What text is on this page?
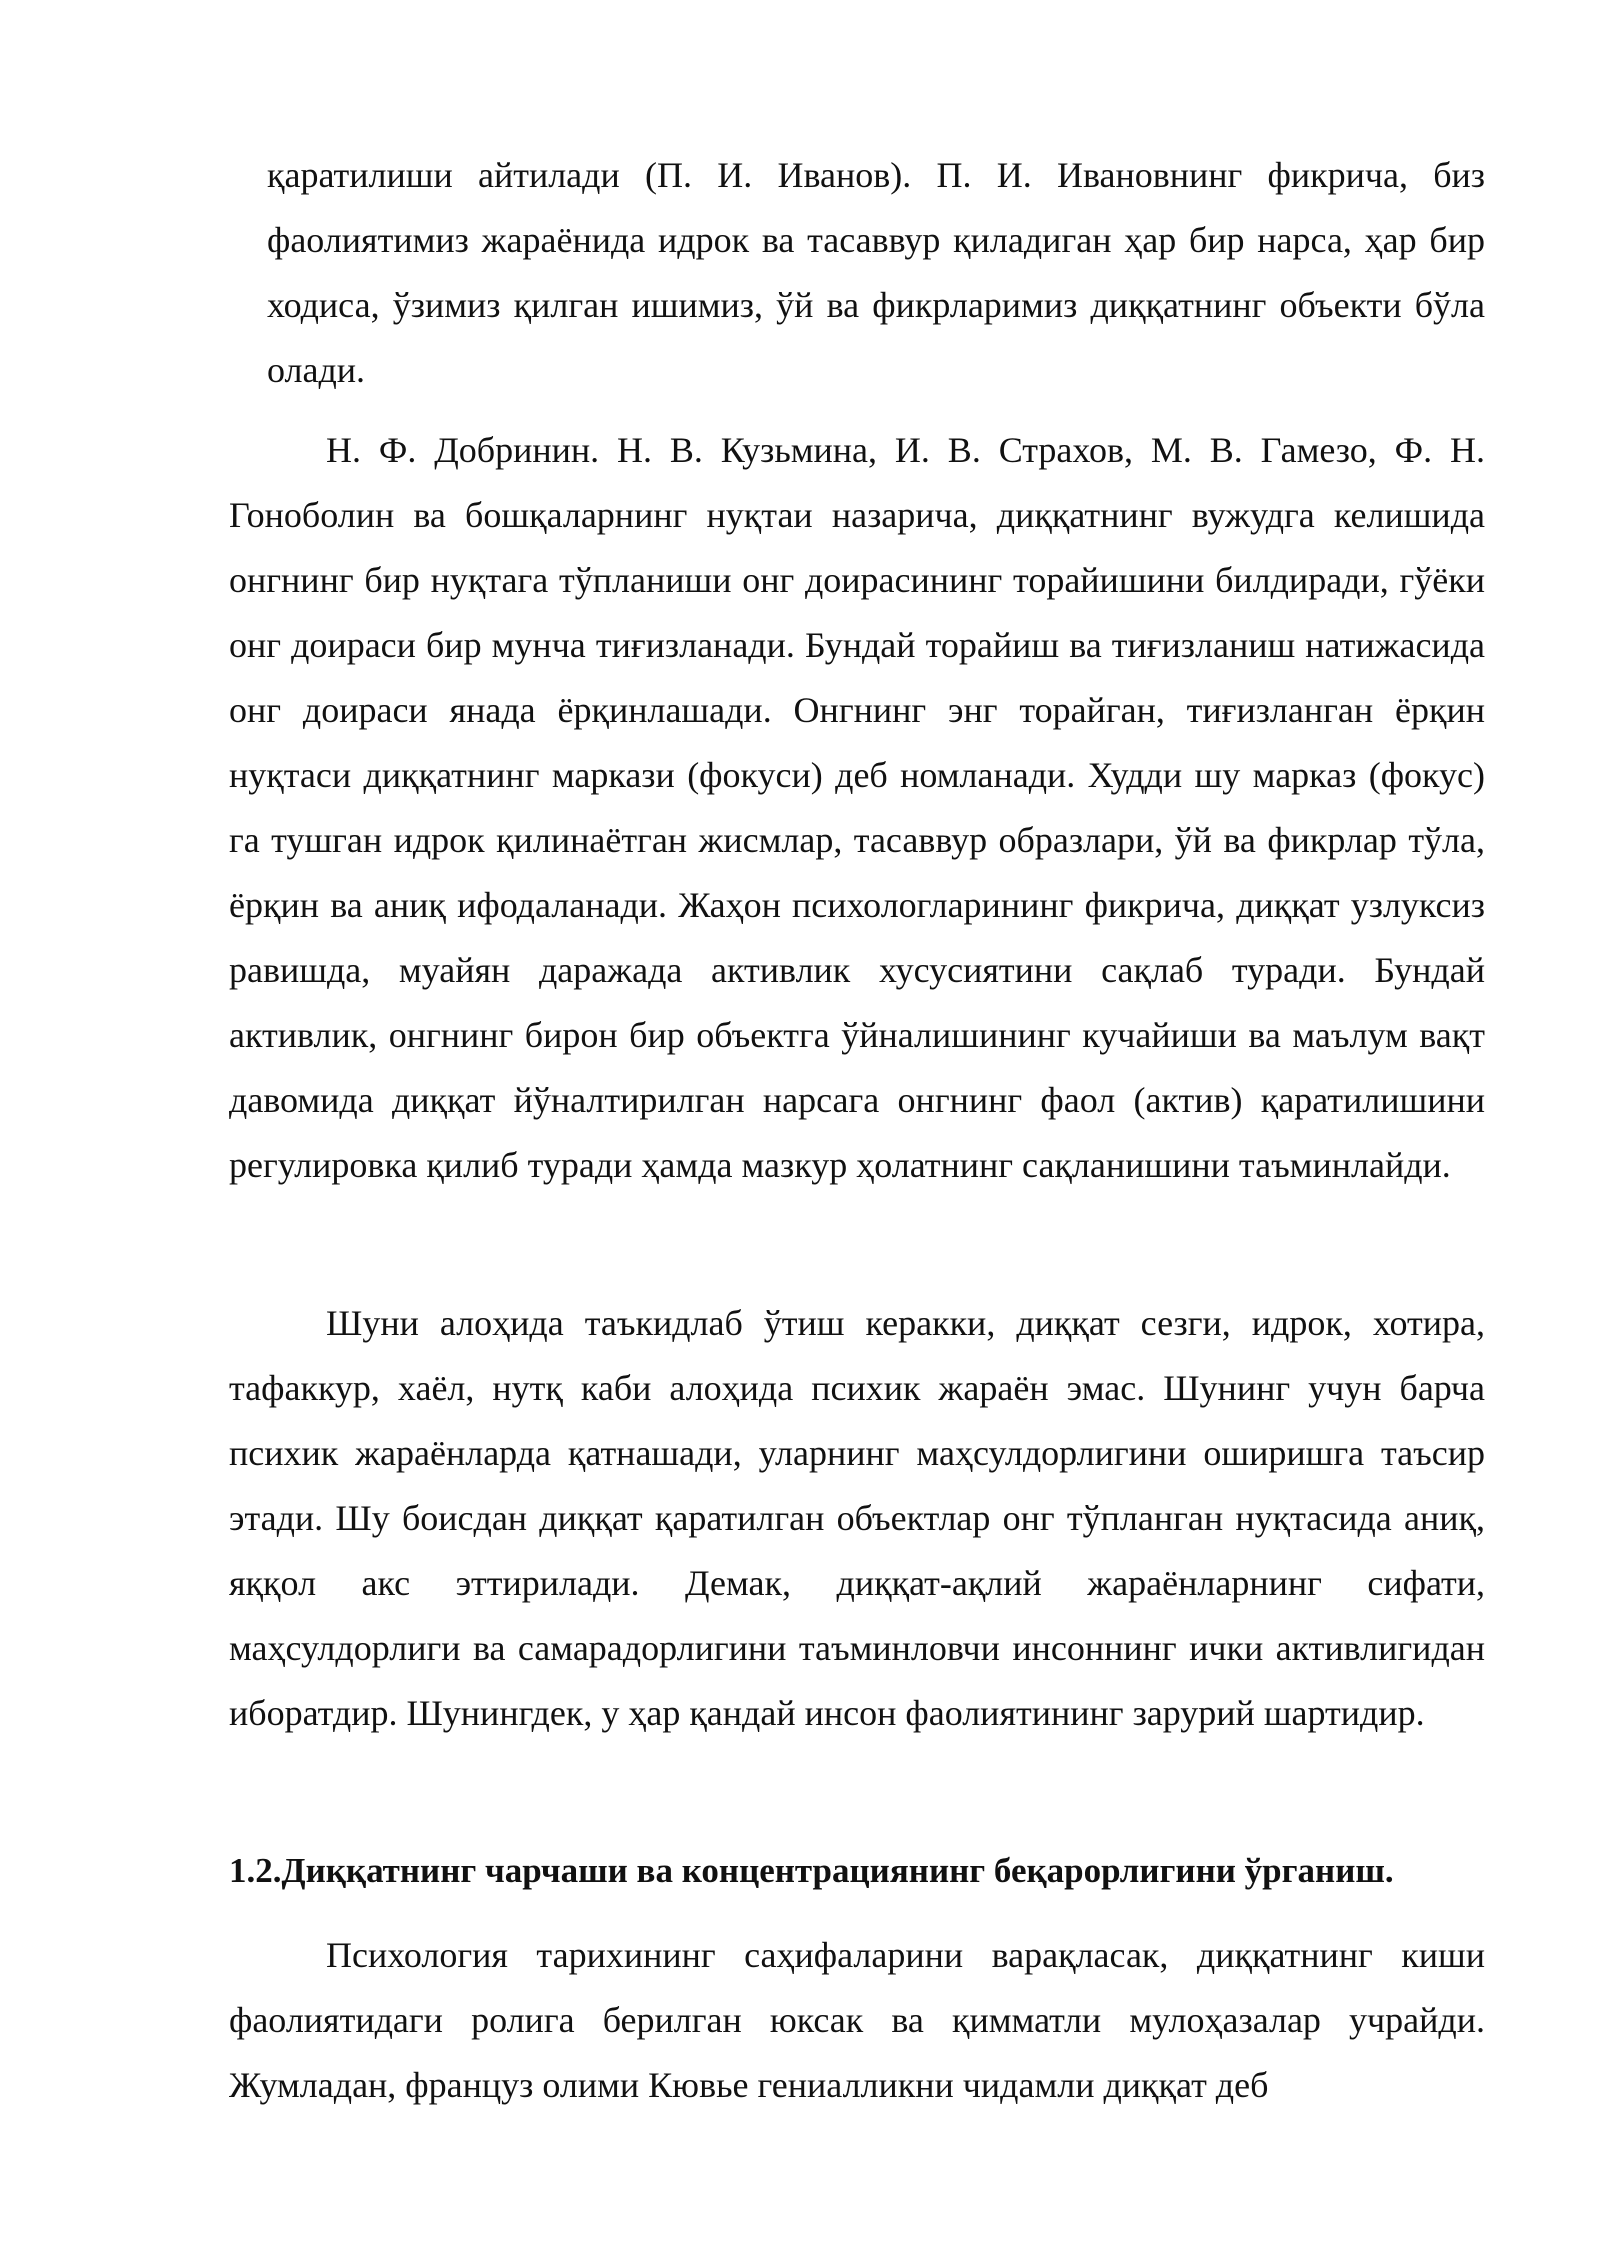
қаратилиши айтилади (П. И. Иванов). П. И. Ивановнинг фикрича, биз фаолиятимиз жараёнида идрок ва тасаввур қиладиган ҳар бир нарса, ҳар бир ходиса, ўзимиз қилган ишимиз, ўй ва фикрларимиз диққатнинг объекти бўла олади.

Н. Ф. Добринин. Н. В. Кузьмина, И. В. Страхов, М. В. Гамезо, Ф. Н. Гоноболин ва бошқаларнинг нуқтаи назарича, диққатнинг вужудга келишида онгнинг бир нуқтага тўпланиши онг доирасининг торайишини билдиради, гўёки онг доираси бир мунча тиғизланади. Бундай торайиш ва тиғизланиш натижасида онг доираси янада ёрқинлашади. Онгнинг энг торайган, тиғизланган ёрқин нуқтаси диққатнинг маркази (фокуси) деб номланади. Худди шу марказ (фокус) га тушган идрок қилинаётган жисмлар, тасаввур образлари, ўй ва фикрлар тўла, ёрқин ва аниқ ифодаланади. Жаҳон психологларининг фикрича, диққат узлуксиз равишда, муайян даражада активлик хусусиятини сақлаб туради. Бундай активлик, онгнинг бирон бир объектга ўйналишининг кучайиши ва маълум вақт давомида диққат йўналтирилган нарсага онгнинг фаол (актив) қаратилишини регулировка қилиб туради ҳамда мазкур ҳолатнинг сақланишини таъминлайди.

Шуни алоҳида таъкидлаб ўтиш керакки, диққат сезги, идрок, хотира, тафаккур, хаёл, нутқ каби алоҳида психик жараён эмас. Шунинг учун барча психик жараёнларда қатнашади, уларнинг маҳсулдорлигини оширишга таъсир этади. Шу боисдан диққат қаратилган объектлар онг тўпланган нуқтасида аниқ, яққол акс эттирилади. Демак, диққат-ақлий жараёнларнинг сифати, маҳсулдорлиги ва самарадорлигини таъминловчи инсоннинг ички активлигидан иборатдир. Шунингдек, у ҳар қандай инсон фаолиятининг зарурий шартидир.

1.2.Диққатнинг чарчаши ва концентрациянинг беқарорлигини ўрганиш.

Психология тарихининг саҳифаларини варақласак, диққатнинг киши фаолиятидаги ролига берилган юксак ва қимматли мулоҳазалар учрайди. Жумладан, француз олими Кювье гениалликни чидамли диққат деб
